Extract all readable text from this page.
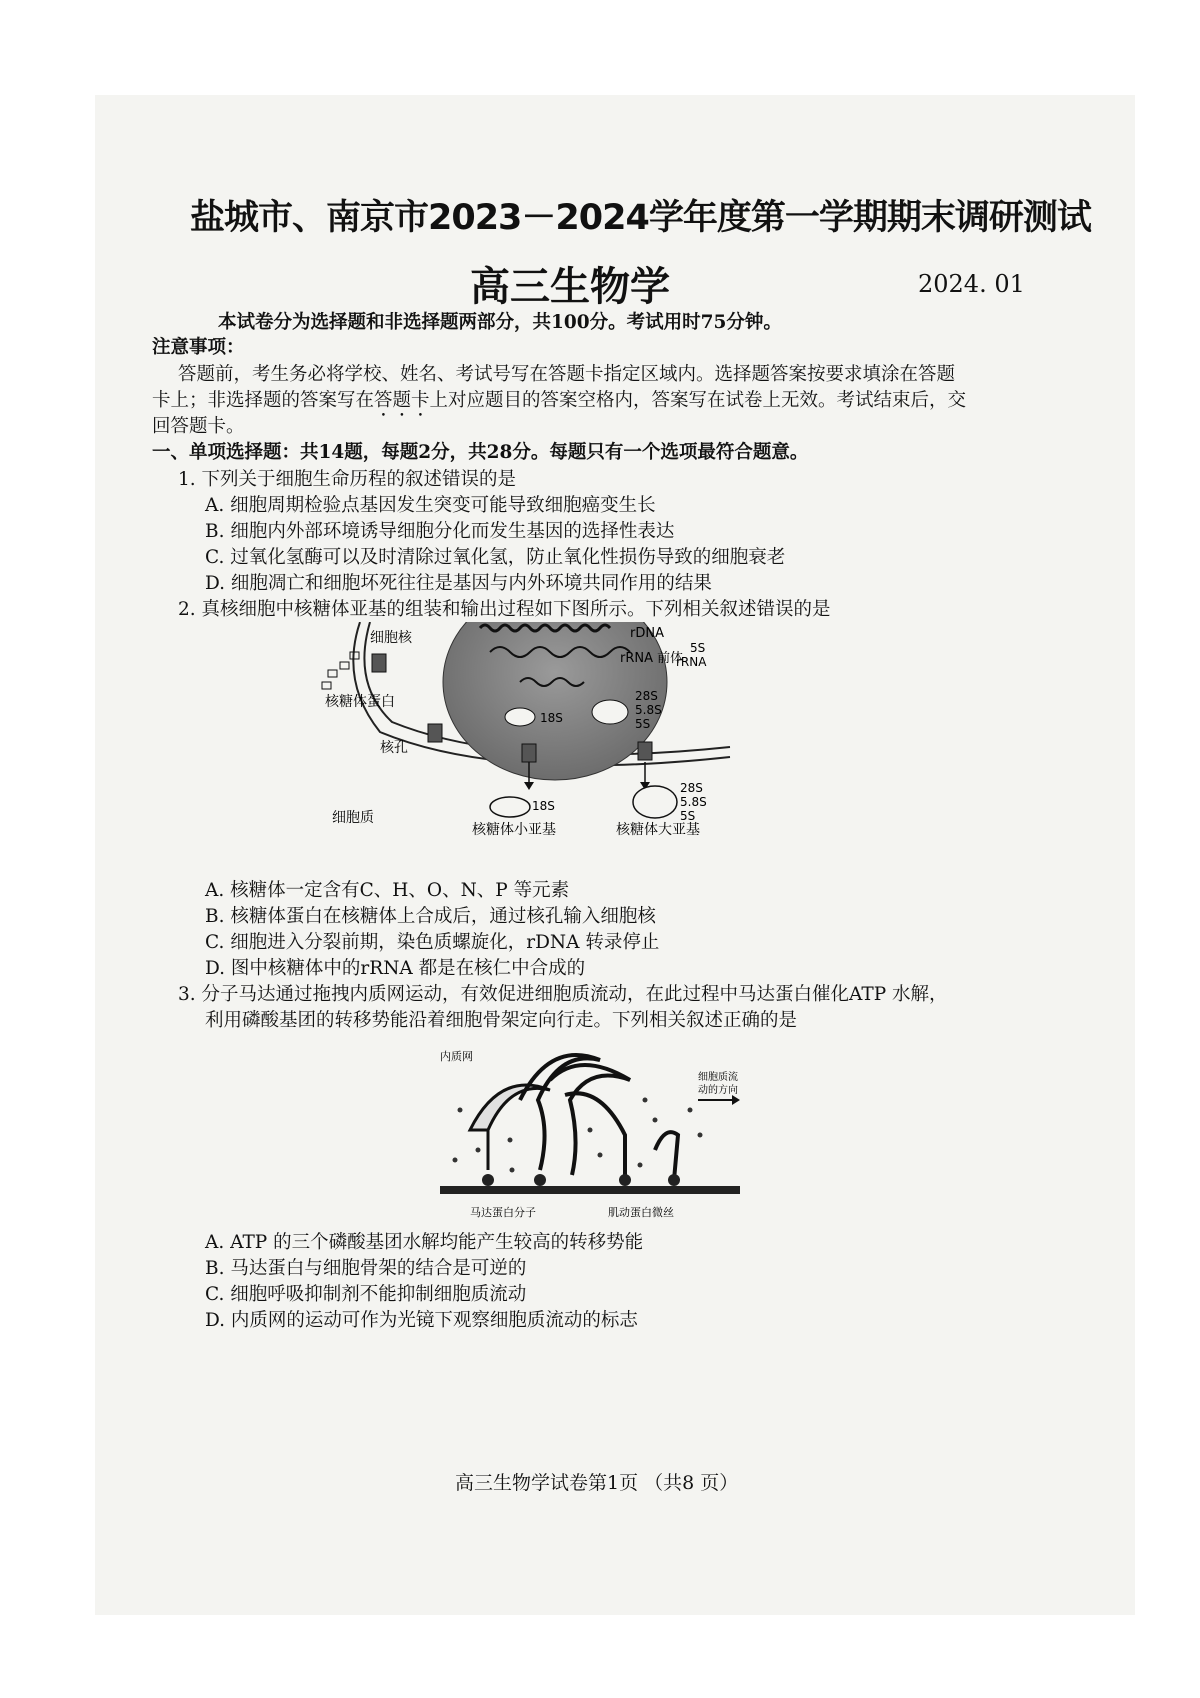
盐城市、南京市2023－2024学年度第一学期期末调研测试
高三生物学	2024. 01
本试卷分为选择题和非选择题两部分，共100分。考试用时75分钟。
注意事项：
答题前，考生务必将学校、姓名、考试号写在答题卡指定区域内。选择题答案按要求填涂在答题
卡上；非选择题的答案写在答题卡上对应题目的答案空格内，答案写在试卷上无效。考试结束后，交
回答题卡。
一、单项选择题：共14题，每题2分，共28分。每题只有一个选项最符合题意。
1. 下列关于细胞生命历程的叙述错误的是
A. 细胞周期检验点基因发生突变可能导致细胞癌变生长
B. 细胞内外部环境诱导细胞分化而发生基因的选择性表达
C. 过氧化氢酶可以及时清除过氧化氢，防止氧化性损伤导致的细胞衰老
D. 细胞凋亡和细胞坏死往往是基因与内外环境共同作用的结果
2. 真核细胞中核糖体亚基的组装和输出过程如下图所示。下列相关叙述错误的是
细胞核	rDNA
rRNA 前体
5S
rRNA
核糖体蛋白	28S
5.8S
5S
18S
核孔
细胞质
18S
核糖体小亚基
28S
5.8S
5S
核糖体大亚基
A. 核糖体一定含有C、H、O、N、P 等元素
B. 核糖体蛋白在核糖体上合成后，通过核孔输入细胞核
C. 细胞进入分裂前期，染色质螺旋化，rDNA 转录停止
D. 图中核糖体中的rRNA 都是在核仁中合成的
3. 分子马达通过拖拽内质网运动，有效促进细胞质流动，在此过程中马达蛋白催化ATP 水解，
利用磷酸基团的转移势能沿着细胞骨架定向行走。下列相关叙述正确的是
内质网
细胞质流
动的方向
马达蛋白分子	肌动蛋白微丝
A. ATP 的三个磷酸基团水解均能产生较高的转移势能
B. 马达蛋白与细胞骨架的结合是可逆的
C. 细胞呼吸抑制剂不能抑制细胞质流动
D. 内质网的运动可作为光镜下观察细胞质流动的标志
高三生物学试卷第1页 （共8 页）
